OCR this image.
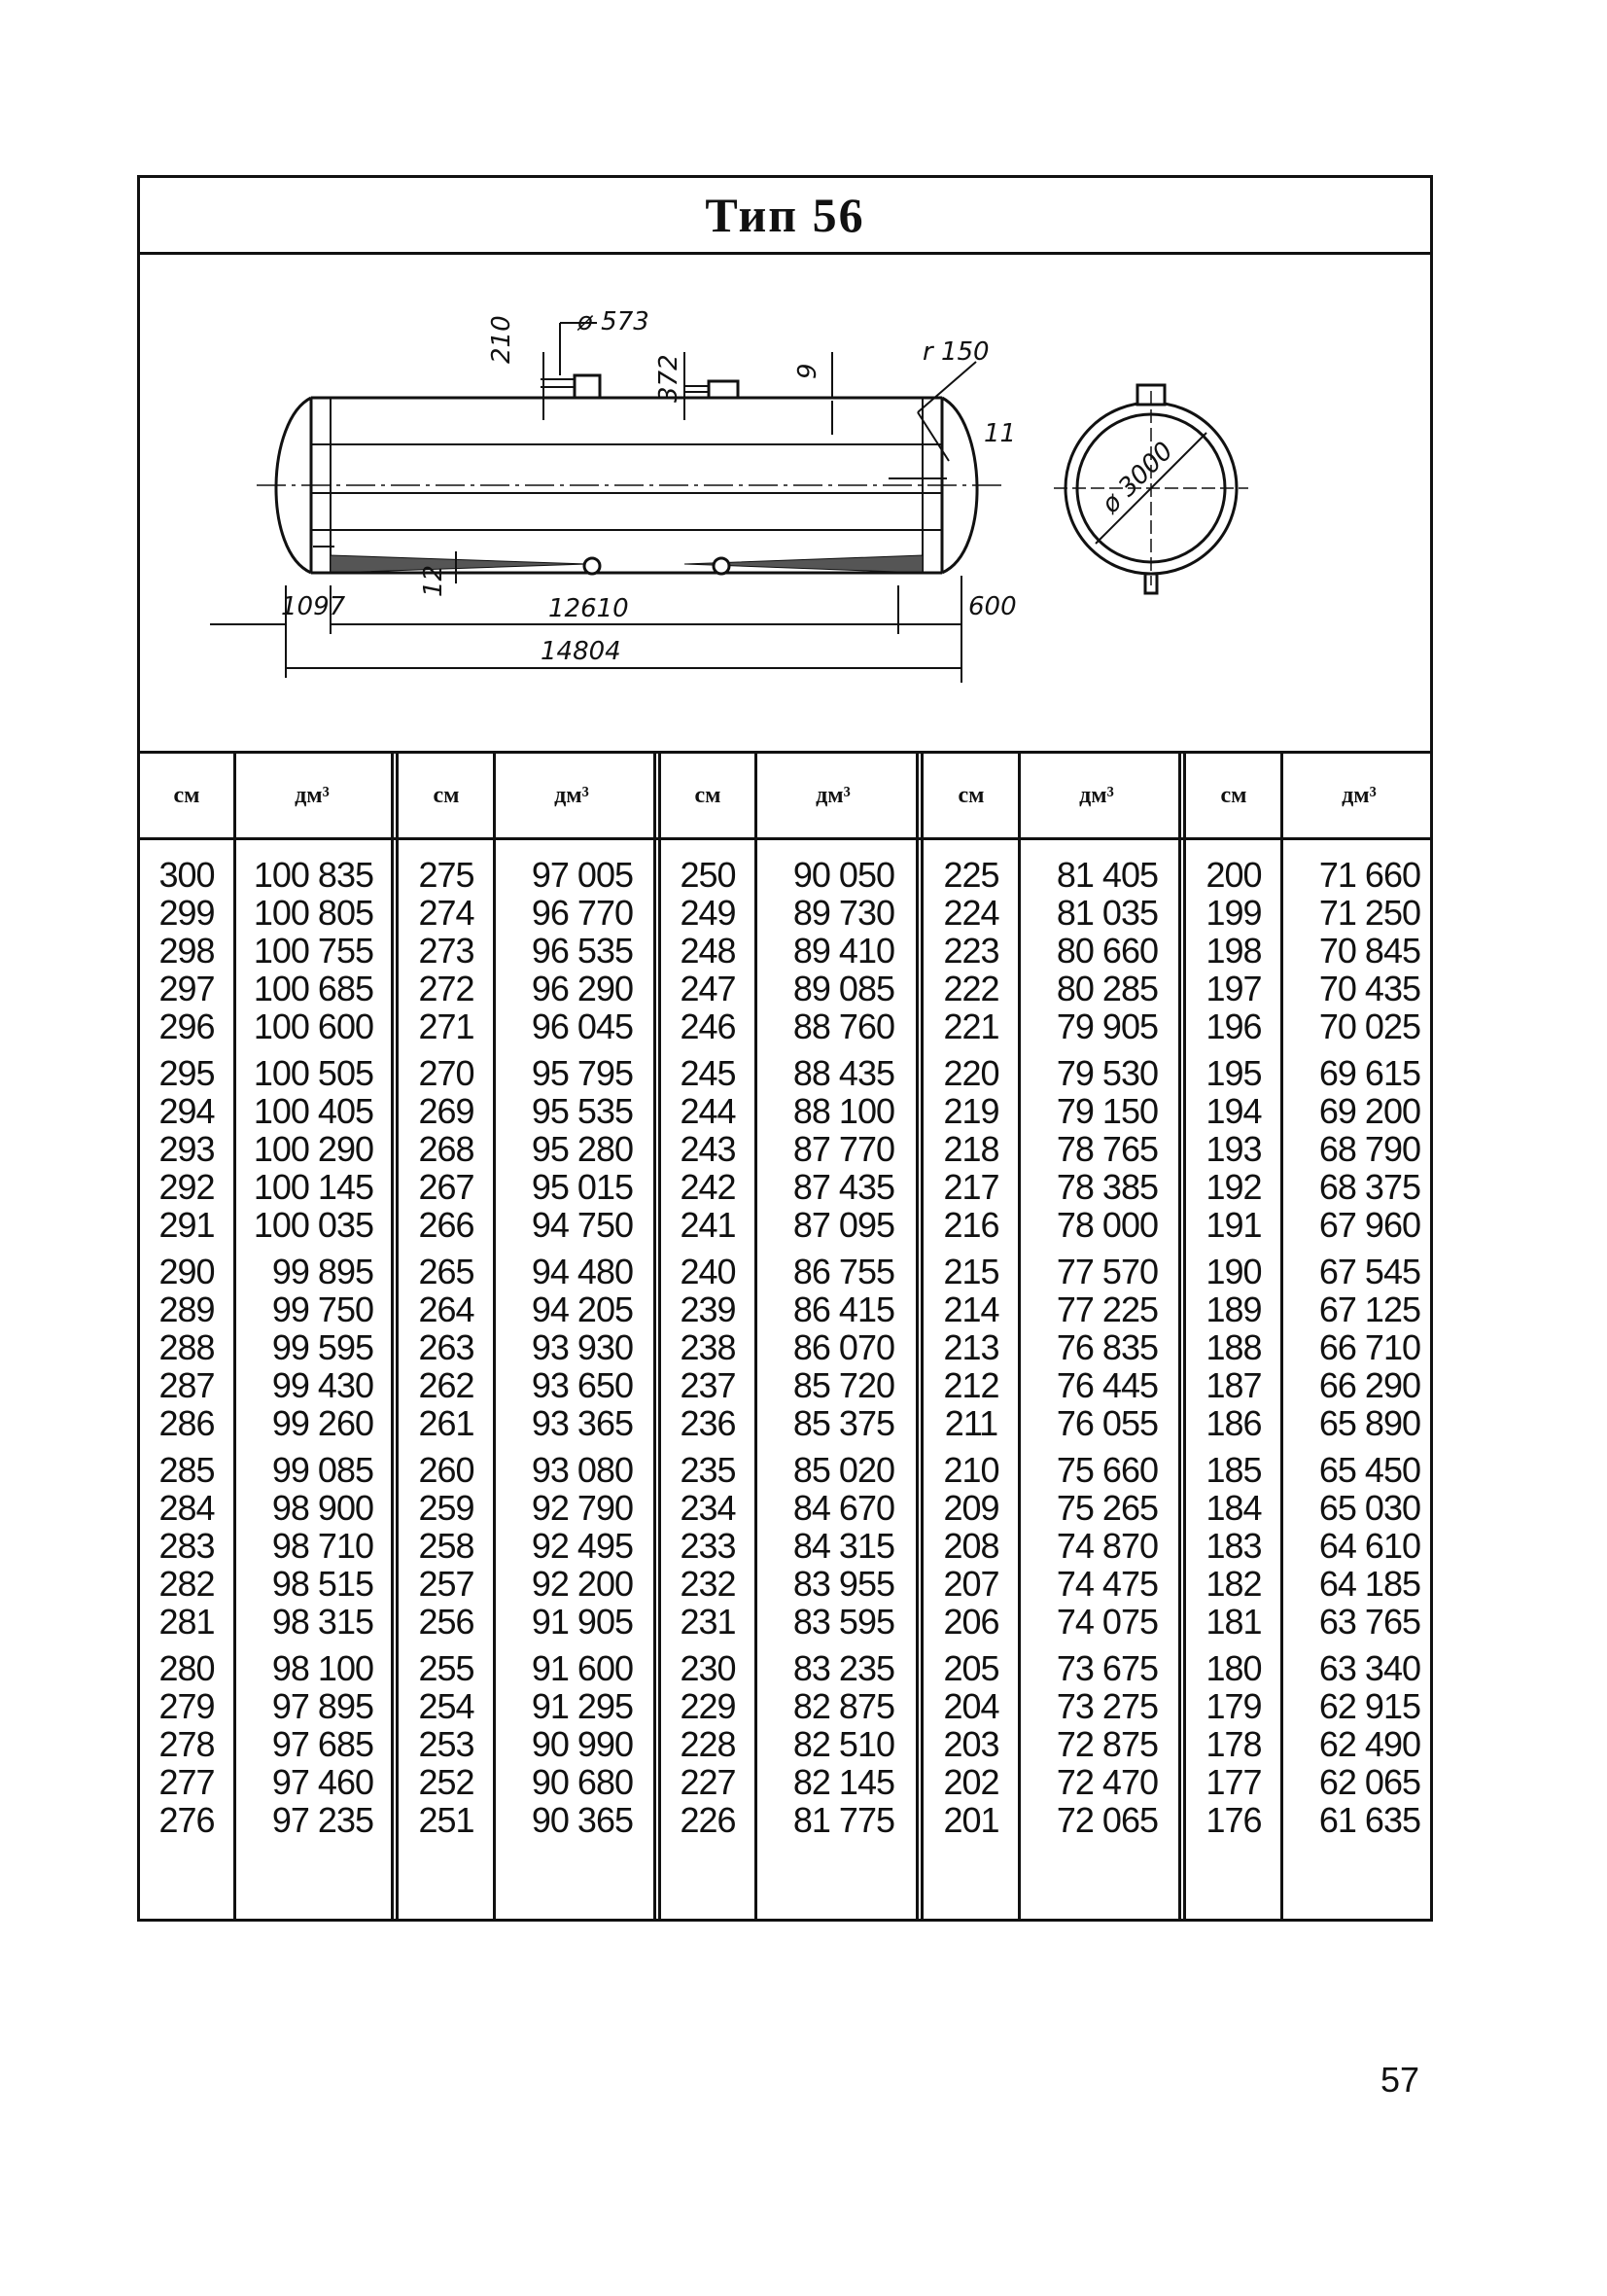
Тип 56
ø 573
210
372	9
r 150
11
12
1097	12610	600
14804
ø 3000
см	дм³
300	100 835
299	100 805
298	100 755
297	100 685
296	100 600
295	100 505
294	100 405
293	100 290
292	100 145
291	100 035
290	99 895
289	99 750
288	99 595
287	99 430
286	99 260
285	99 085
284	98 900
283	98 710
282	98 515
281	98 315
280	98 100
279	97 895
278	97 685
277	97 460
276	97 235
см	дм³
275	97 005
274	96 770
273	96 535
272	96 290
271	96 045
270	95 795
269	95 535
268	95 280
267	95 015
266	94 750
265	94 480
264	94 205
263	93 930
262	93 650
261	93 365
260	93 080
259	92 790
258	92 495
257	92 200
256	91 905
255	91 600
254	91 295
253	90 990
252	90 680
251	90 365
см	дм³
250	90 050
249	89 730
248	89 410
247	89 085
246	88 760
245	88 435
244	88 100
243	87 770
242	87 435
241	87 095
240	86 755
239	86 415
238	86 070
237	85 720
236	85 375
235	85 020
234	84 670
233	84 315
232	83 955
231	83 595
230	83 235
229	82 875
228	82 510
227	82 145
226	81 775
см	дм³
225	81 405
224	81 035
223	80 660
222	80 285
221	79 905
220	79 530
219	79 150
218	78 765
217	78 385
216	78 000
215	77 570
214	77 225
213	76 835
212	76 445
211	76 055
210	75 660
209	75 265
208	74 870
207	74 475
206	74 075
205	73 675
204	73 275
203	72 875
202	72 470
201	72 065
см	дм³
200	71 660
199	71 250
198	70 845
197	70 435
196	70 025
195	69 615
194	69 200
193	68 790
192	68 375
191	67 960
190	67 545
189	67 125
188	66 710
187	66 290
186	65 890
185	65 450
184	65 030
183	64 610
182	64 185
181	63 765
180	63 340
179	62 915
178	62 490
177	62 065
176	61 635
57
